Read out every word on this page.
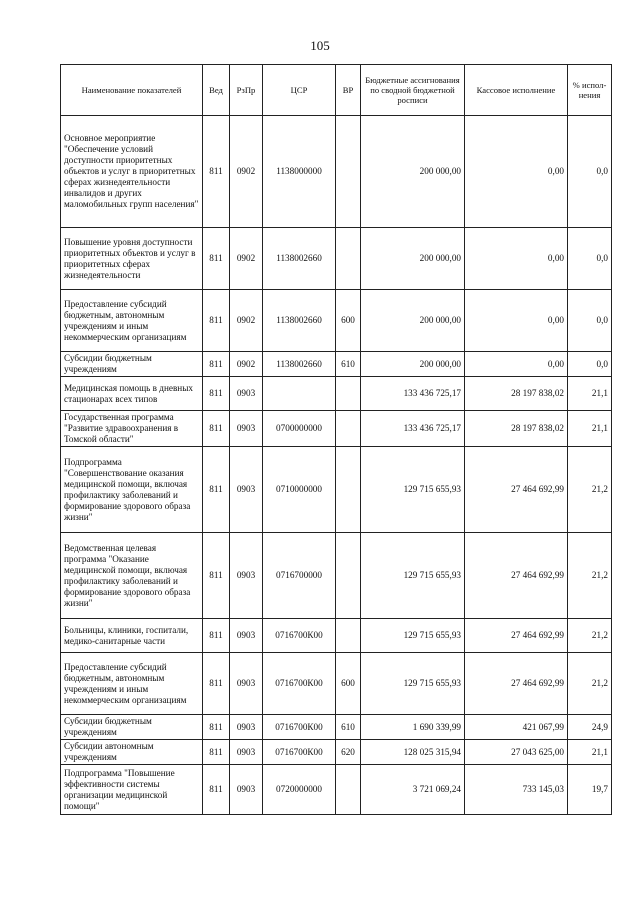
105
Наименование показателей	Вед	РзПр	ЦСР	ВР	Бюджетные ассигнования по сводной бюджетной росписи	Кассовое исполнение	% испол-нения
Основное мероприятие "Обеспечение условий доступности приоритетных объектов и услуг в приоритетных сферах жизнедеятельности инвалидов и других маломобильных групп населения"	811	0902	1138000000		200 000,00	0,00	0,0
Повышение уровня доступности приоритетных объектов и услуг в приоритетных сферах жизнедеятельности	811	0902	1138002660		200 000,00	0,00	0,0
Предоставление субсидий бюджетным, автономным учреждениям и иным некоммерческим организациям	811	0902	1138002660	600	200 000,00	0,00	0,0
Субсидии бюджетным учреждениям	811	0902	1138002660	610	200 000,00	0,00	0,0
Медицинская помощь в дневных стационарах всех типов	811	0903			133 436 725,17	28 197 838,02	21,1
Государственная программа "Развитие здравоохранения в Томской области"	811	0903	0700000000		133 436 725,17	28 197 838,02	21,1
Подпрограмма "Совершенствование оказания медицинской помощи, включая профилактику заболеваний и формирование здорового образа жизни"	811	0903	0710000000		129 715 655,93	27 464 692,99	21,2
Ведомственная целевая программа "Оказание медицинской помощи, включая профилактику заболеваний и формирование здорового образа жизни"	811	0903	0716700000		129 715 655,93	27 464 692,99	21,2
Больницы, клиники, госпитали, медико-санитарные части	811	0903	0716700К00		129 715 655,93	27 464 692,99	21,2
Предоставление субсидий бюджетным, автономным учреждениям и иным некоммерческим организациям	811	0903	0716700К00	600	129 715 655,93	27 464 692,99	21,2
Субсидии бюджетным учреждениям	811	0903	0716700К00	610	1 690 339,99	421 067,99	24,9
Субсидии автономным учреждениям	811	0903	0716700К00	620	128 025 315,94	27 043 625,00	21,1
Подпрограмма "Повышение эффективности системы организации медицинской помощи"	811	0903	0720000000		3 721 069,24	733 145,03	19,7
